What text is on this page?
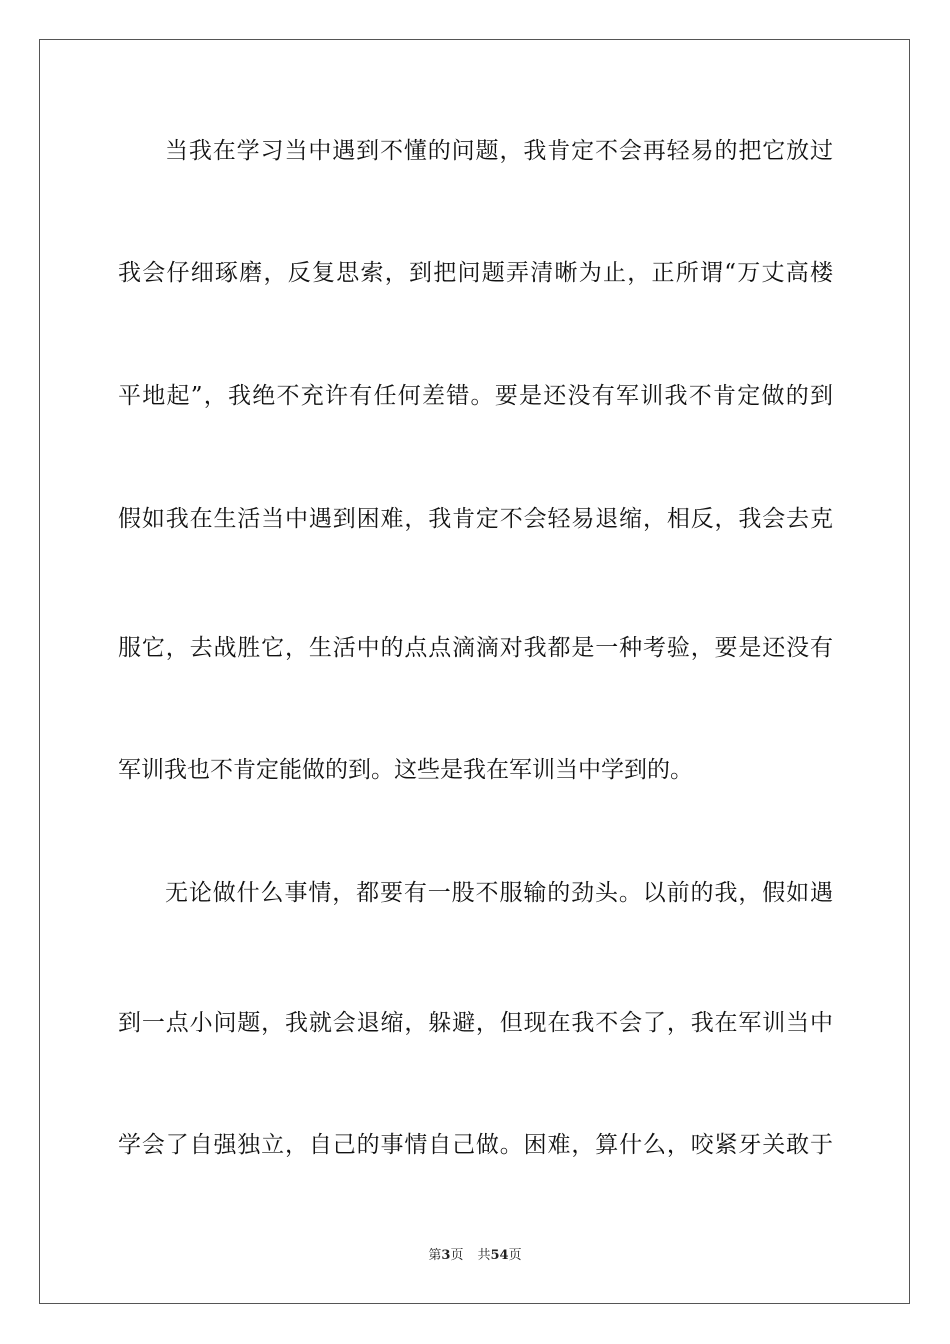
当我在学习当中遇到不懂的问题，我肯定不会再轻易的把它放过
我会仔细琢磨，反复思索，到把问题弄清晰为止，正所谓“万丈高楼
平地起”，我绝不充许有任何差错。要是还没有军训我不肯定做的到
假如我在生活当中遇到困难，我肯定不会轻易退缩，相反，我会去克
服它，去战胜它，生活中的点点滴滴对我都是一种考验，要是还没有
军训我也不肯定能做的到。这些是我在军训当中学到的。
无论做什么事情，都要有一股不服输的劲头。以前的我，假如遇
到一点小问题，我就会退缩，躲避，但现在我不会了，我在军训当中
学会了自强独立，自己的事情自己做。困难，算什么，咬紧牙关敢于
第3页 共54页
